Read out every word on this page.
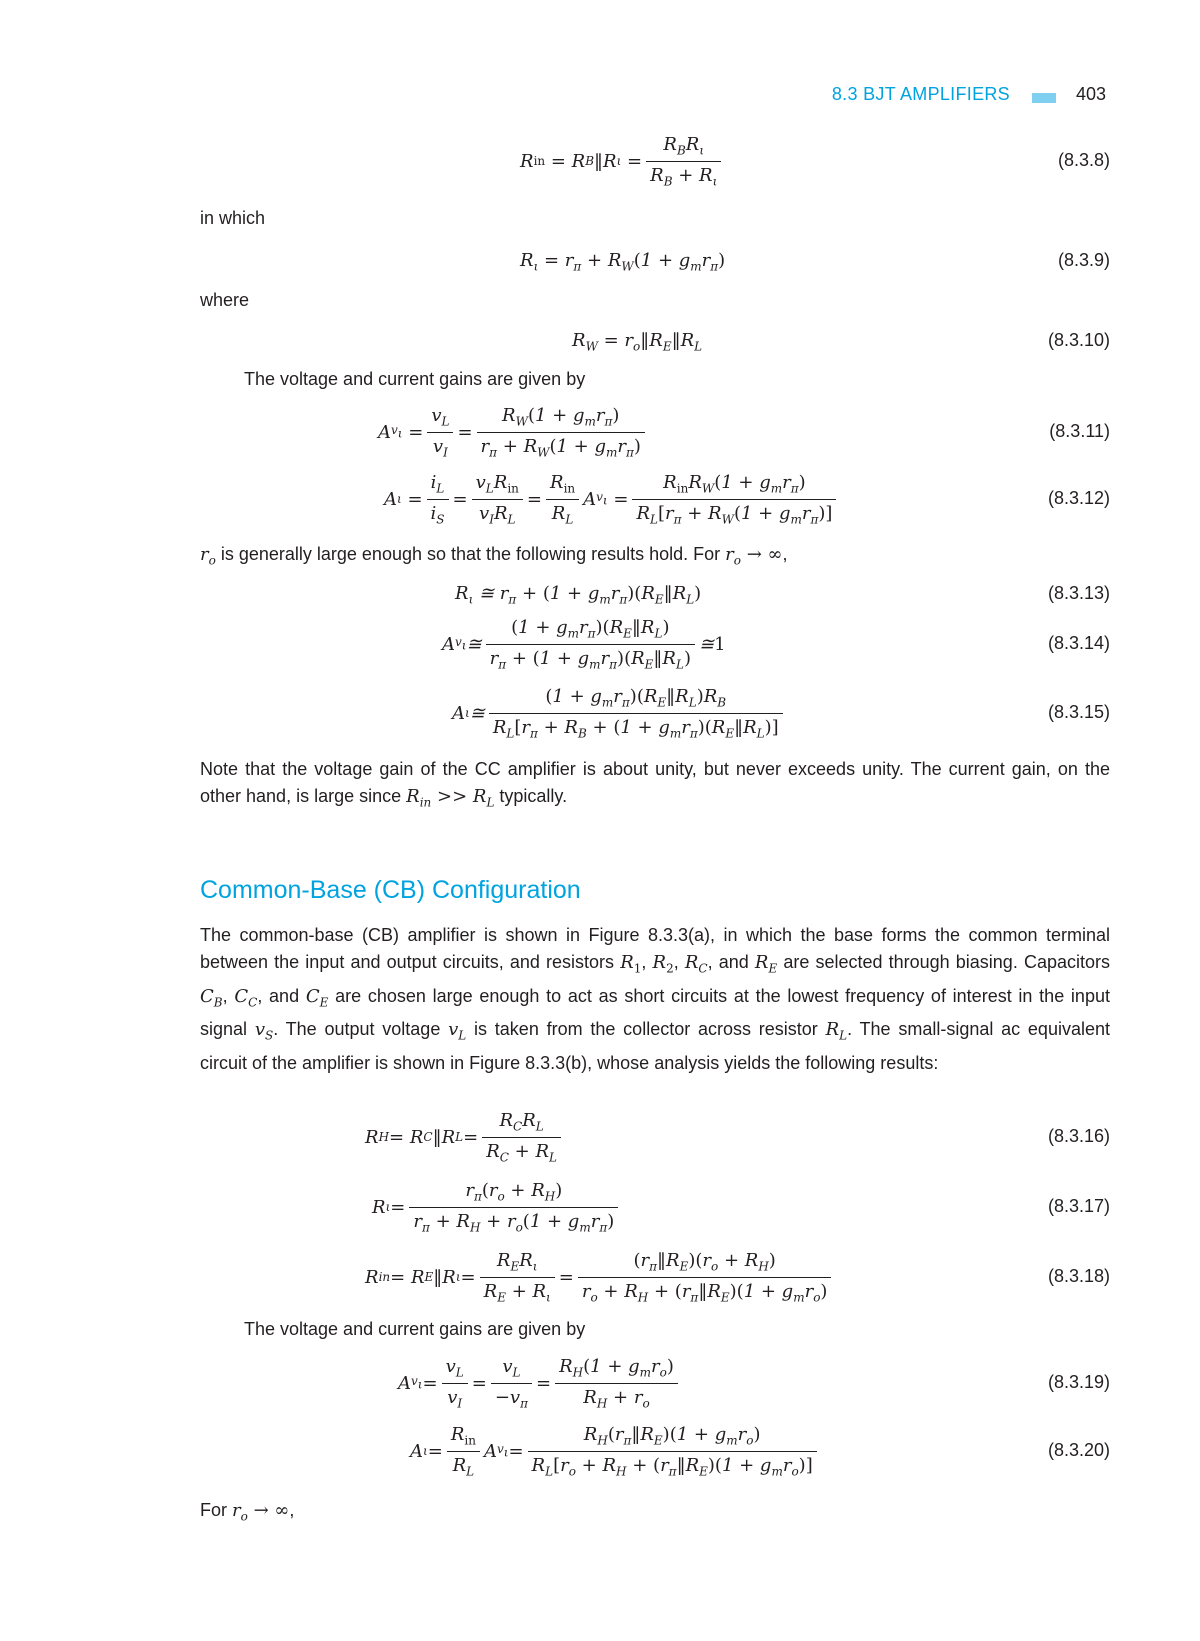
8.3 BJT AMPLIFIERS	403
R in = R B ‖R $\iota = \frac{R_BR_\iota}{R_B + R_\iota}$	(8.3.8)
in which
$R_\iota = r_\pi + R_W(1 + g_mr_\pi)$	(8.3.9)
where
$R_W$ = $r_o‖R_E‖R_L$	(8.3.10)
The voltage and current gains are given by
A $v_\iota = \frac{v_L}{v_I} = \frac{R_W(1 + g_mr_\pi)}{r_\pi + R_W(1 + g_mr_\pi)}$	(8.3.11)
A $\iota = \frac{i_L}{i_S} = \frac{v_LR_{in}}{v_IR_L} = \frac{R_{in}}{R_L}$ A $v_\iota = \frac{R_{in}R_W(1 + g_mr_\pi)}{R_L[r_\pi + R_W(1 + g_mr_\pi)]}$	(8.3.12)
$r_o$ is generally large enough so that the following results hold. For $r_o$ → ∞,
$R_\iota$ ≅ $r_\pi + (1$ + $g_mr_\pi)(R_E‖R_L)$	(8.3.13)
A $v_\iota$ ≅ $\frac{(1 + g_mr_\pi)(R_E‖R_L)}{r_\pi + (1 + g_mr_\pi)(R_E‖R_L)}$ ≅ 1	(8.3.14)
A ι ≅ $\frac{(1 + g_mr_\pi)(R_E‖R_L)R_B}{R_L[r_\pi + R_B + (1 + g_mr_\pi)(R_E‖R_L)]}$	(8.3.15)
Note that the voltage gain of the CC amplifier is about unity, but never exceeds unity. The current gain, on the other hand, is large since $R_{in} >> R_L$ typically.
Common-Base (CB) Configuration
The common-base (CB) amplifier is shown in Figure 8.3.3(a), in which the base forms the common terminal between the input and output circuits, and resistors $R_1$, $R_2$, $R_C$, and $R_E$ are selected through biasing. Capacitors $C_B$, $C_C$, and $C_E$ are chosen large enough to act as short circuits at the lowest frequency of interest in the input signal $v_S$. The output voltage $v_L$ is taken from the collector across resistor $R_L$. The small-signal ac equivalent circuit of the amplifier is shown in Figure 8.3.3(b), whose analysis yields the following results:
R H = R C ‖R $L = \frac{R_CR_L}{R_C + R_L}$	(8.3.16)
R $\iota = \frac{r_\pi(r_o + R_H)}{r_\pi + R_H + r_o(1 + g_mr_\pi)}$	(8.3.17)
R in = R E ‖R $\iota = \frac{R_ER_\iota}{R_E + R_\iota} = \frac{(r_\pi‖R_E)(r_o + R_H)}{r_o + R_H + (r_\pi‖R_E)(1 + g_mr_o)}$	(8.3.18)
The voltage and current gains are given by
A $v_\iota = \frac{v_L}{v_I} = \frac{v_L}{-v_\pi} = \frac{R_H(1 + g_mr_o)}{R_H + r_o}$	(8.3.19)
A $\iota = \frac{R_{in}}{R_L}$ A $v_\iota = \frac{R_H(r_\pi‖R_E)(1 + g_mr_o)}{R_L[r_o + R_H + (r_\pi‖R_E)(1 + g_mr_o)]}$	(8.3.20)
For $r_o$ → ∞,
